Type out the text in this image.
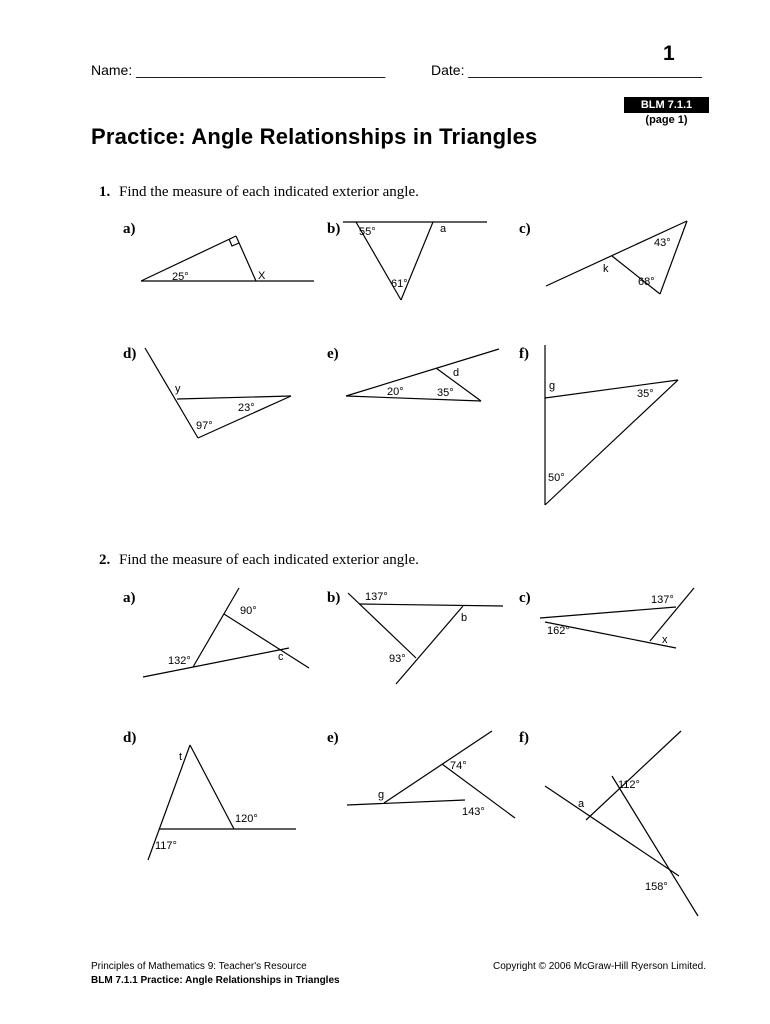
1
Name: ________________________________	Date: ______________________________
BLM 7.1.1
(page 1)
Practice: Angle Relationships in Triangles
1. Find the measure of each indicated exterior angle.
a)	b)	c)
d)	e)	f)
2. Find the measure of each indicated exterior angle.
a)	b)	c)
d)	e)	f)
25°	X
55°	a
61°
43°
k
68°
y
23°
97°
d
20°	35°
g
35°
50°
90°
132°	c
137°
b
93°
137°
162°
x
t
120°
117°
74°
g
143°
112°
a
158°
Principles of Mathematics 9: Teacher's Resource	Copyright © 2006 McGraw-Hill Ryerson Limited.
BLM 7.1.1 Practice: Angle Relationships in Triangles
